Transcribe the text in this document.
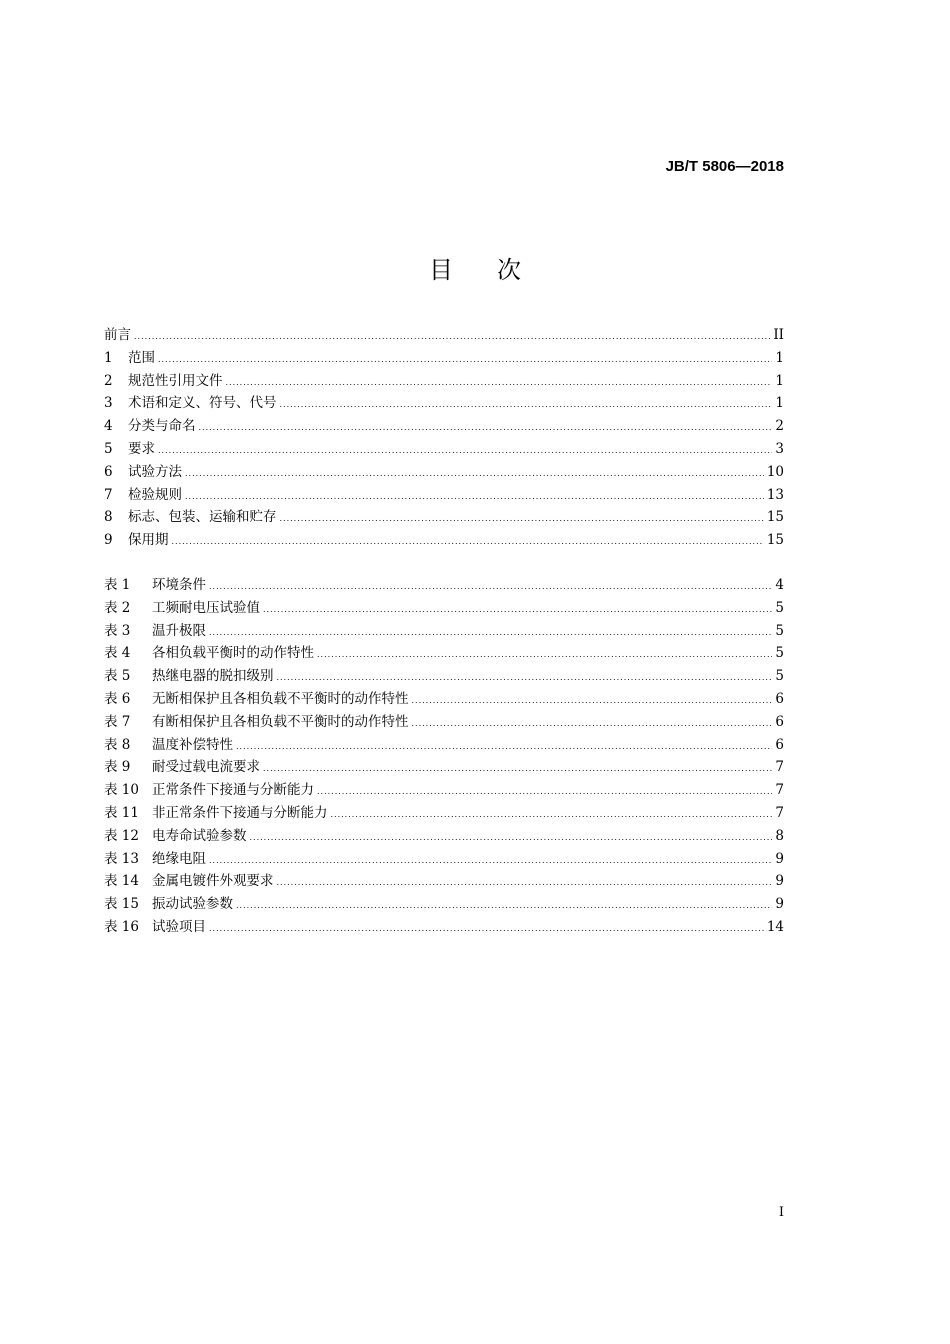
JB/T 5806—2018
目次
前言 .....	II
1	范围 .....	1
2	规范性引用文件 .....	1
3	术语和定义、符号、代号 .....	1
4	分类与命名 .....	2
5	要求 .....	3
6	试验方法 .....	10
7	检验规则 .....	13
8	标志、包装、运输和贮存 .....	15
9	保用期 .....	15
表 1	环境条件 .....	4
表 2	工频耐电压试验值 .....	5
表 3	温升极限 .....	5
表 4	各相负载平衡时的动作特性 .....	5
表 5	热继电器的脱扣级别 .....	5
表 6	无断相保护且各相负载不平衡时的动作特性 .....	6
表 7	有断相保护且各相负载不平衡时的动作特性 .....	6
表 8	温度补偿特性 .....	6
表 9	耐受过载电流要求 .....	7
表 10 正常条件下接通与分断能力 .....	7
表 11 非正常条件下接通与分断能力 .....	7
表 12 电寿命试验参数 .....	8
表 13 绝缘电阻 .....	9
表 14 金属电镀件外观要求 .....	9
表 15 振动试验参数 .....	9
表 16 试验项目 .....	14
I
